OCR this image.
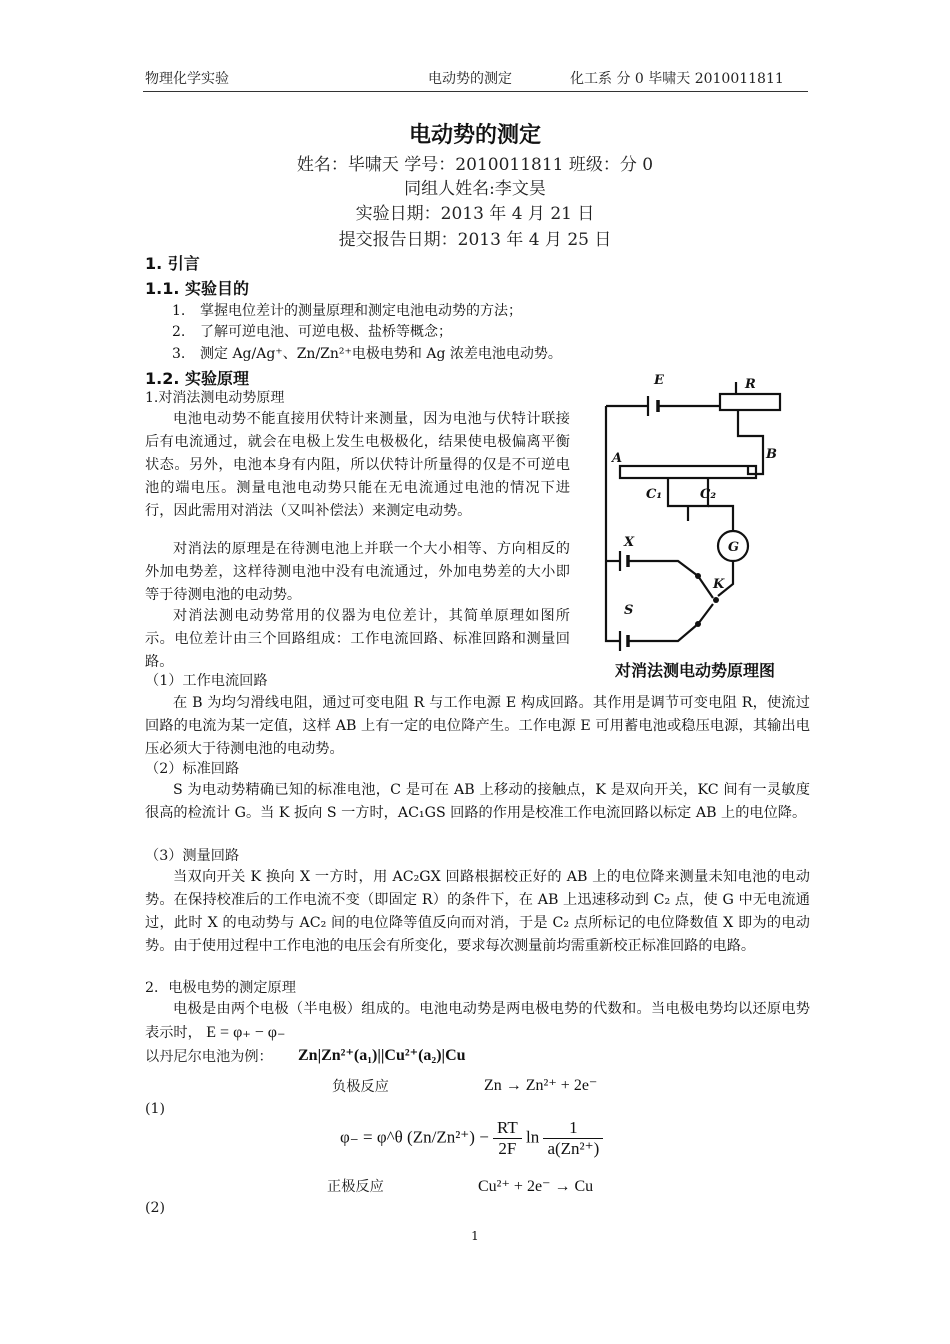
物理化学实验	电动势的测定	化工系 分 0 毕啸天 2010011811
电动势的测定
姓名：毕啸天 学号：2010011811 班级：分 0
同组人姓名:李文昊
实验日期：2013 年 4 月 21 日
提交报告日期：2013 年 4 月 25 日
1. 引言
1.1. 实验目的
1. 掌握电位差计的测量原理和测定电池电动势的方法；
2. 了解可逆电池、可逆电极、盐桥等概念；
3. 测定 Ag/Ag⁺、Zn/Zn²⁺电极电势和 Ag 浓差电池电动势。
1.2. 实验原理
1.对消法测电动势原理
电池电动势不能直接用伏特计来测量，因为电池与伏特计联接后有电流通过，就会在电极上发生电极极化，结果使电极偏离平衡状态。另外，电池本身有内阻，所以伏特计所量得的仅是不可逆电池的端电压。测量电池电动势只能在无电流通过电池的情况下进行，因此需用对消法（又叫补偿法）来测定电动势。
对消法的原理是在待测电池上并联一个大小相等、方向相反的外加电势差，这样待测电池中没有电流通过，外加电势差的大小即等于待测电池的电动势。
对消法测电动势常用的仪器为电位差计，其简单原理如图所示。电位差计由三个回路组成：工作电流回路、标准回路和测量回路。
E	R
B
A
C₁	C₂
X	G
K
S
对消法测电动势原理图
（1）工作电流回路
在 B 为均匀滑线电阻，通过可变电阻 R 与工作电源 E 构成回路。其作用是调节可变电阻 R，使流过回路的电流为某一定值，这样 AB 上有一定的电位降产生。工作电源 E 可用蓄电池或稳压电源，其输出电压必须大于待测电池的电动势。
（2）标准回路
S 为电动势精确已知的标准电池，C 是可在 AB 上移动的接触点，K 是双向开关，KC 间有一灵敏度很高的检流计 G。当 K 扳向 S 一方时，AC₁GS 回路的作用是校准工作电流回路以标定 AB 上的电位降。
（3）测量回路
当双向开关 K 换向 X 一方时，用 AC₂GX 回路根据校正好的 AB 上的电位降来测量未知电池的电动势。在保持校准后的工作电流不变（即固定 R）的条件下，在 AB 上迅速移动到 C₂ 点，使 G 中无电流通过，此时 X 的电动势与 AC₂ 间的电位降等值反向而对消，于是 C₂ 点所标记的电位降数值 X 即为的电动势。由于使用过程中工作电池的电压会有所变化，要求每次测量前均需重新校正标准回路的电路。
2．电极电势的测定原理
电极是由两个电极（半电极）组成的。电池电动势是两电极电势的代数和。当电极电势均以还原电势表示时， E = φ₊ − φ₋
以丹尼尔电池为例： Zn|Zn²⁺(a₁)||Cu²⁺(a₂)|Cu
负极反应	Zn → Zn²⁺ + 2e⁻
(1)
φ₋ = φ^θ $(Zn/Zn^{2+}) - \frac{RT}{2F}$ $\ln \frac{1}{\text{a(Zn²⁺)}}$
正极反应	Cu²⁺ + 2e⁻ → Cu
(2)
1
